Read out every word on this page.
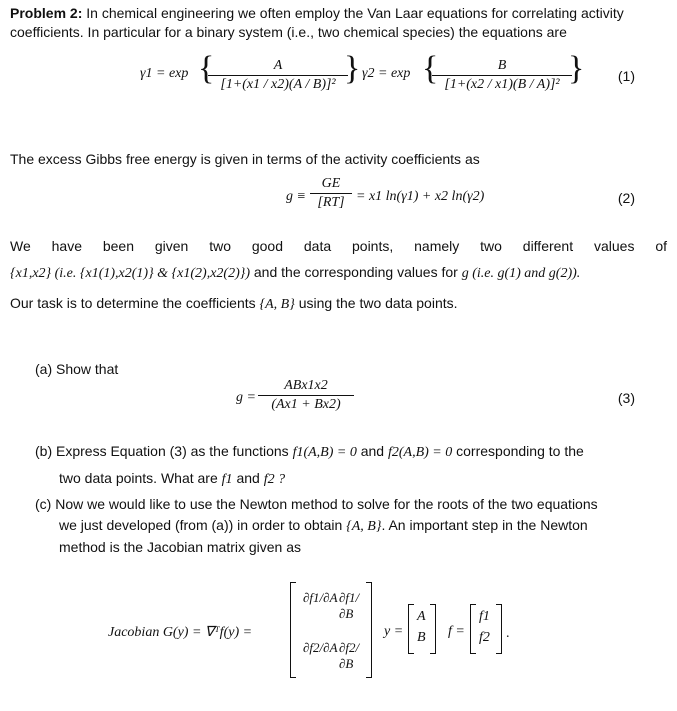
Problem 2: In chemical engineering we often employ the Van Laar equations for correlating activity coefficients. In particular for a binary system (i.e., two chemical species) the equations are
γ1 = exp {
$\frac{A}{\text{[1+(x1 / x2)(A / B)]²}}$
} γ2 = exp {
$\frac{B}{\text{[1+(x2 / x1)(B / A)]²}}$
} (1)
The excess Gibbs free energy is given in terms of the activity coefficients as
$g \equiv \frac{GE}{[RT]} = x1$ ln(γ1) + x2 ln(γ2)	(2)
We have been given two good data points, namely two different values of
{x1,x2} (i.e. {x1(1),x2(1)} & {x1(2),x2(2)}) and the corresponding values for g (i.e. g(1) and g(2)).
Our task is to determine the coefficients {A, B} using the two data points.
(a) Show that
g =
ABx1x2
(Ax1 + Bx2)	(3)
(b) Express Equation (3) as the functions f1(A,B) = 0 and f2(A,B) = 0 corresponding to the
two data points. What are f1 and f2 ?
(c) Now we would like to use the Newton method to solve for the roots of the two equations
we just developed (from (a)) in order to obtain {A, B}. An important step in the Newton
method is the Jacobian matrix given as
Jacobian G(y) = ∇ᵀf(y) =
∂f1/∂A ∂f1/∂B
∂f2/∂A ∂f2/∂B
y =
A
B f =
f1
f2 .
